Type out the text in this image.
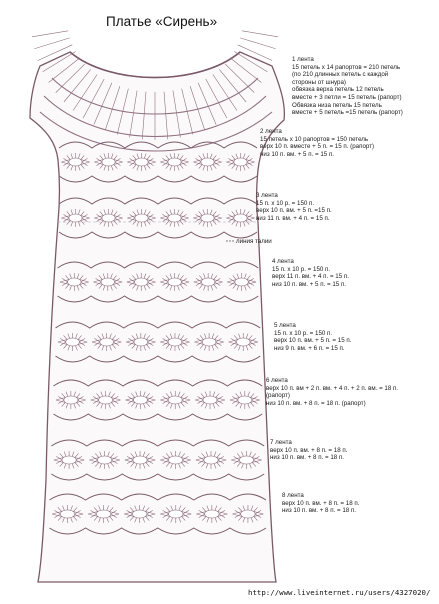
Платье «Сирень»
1 лента
15 петель х 14 рапортов = 210 петель
(по 210 длинных петель с каждой
стороны от шнура)
обвязка верха петель 12 петель
вместе + 3 петли = 15 петель (рапорт)
Обвязка низа петель 15 петель
вместе + 5 петель =15 петель (рапорт)
2 лента
15 петель х 10 рапортов = 150 петель
верх 10 п. вместе + 5 п. = 15 п. (рапорт)
низ 10 п. вм. + 5 п. = 15 п.
3 лента
15 п. х 10 р. = 150 п.
верх 10 п. вм. + 5 п. =15 п.
низ 11 п. вм. + 4 п. = 15 п.
линия талии
4 лента
15 п. х 10 р. = 150 п.
верх 11 п. вм. + 4 п. = 15 п.
низ 10 п. вм. + 5 п. = 15 п.
5 лента
15 п. х 10 р. = 150 п.
верх 10 п. вм. + 5 п. = 15 п.
низ 9 п. вм. + 6 п. = 15 п.
6 лента
верх 10 п. вм + 2 п. вм. + 4 п. + 2 п. вм. = 18 п.
(рапорт)
низ 10 п. вм. + 8 п. = 18 п. (рапорт)
7 лента
верх 10 п. вм. + 8 п. = 18 п.
низ 10 п. вм. + 8 п. = 18 п.
8 лента
верх 10 п. вм. + 8 п. = 18 п.
низ 10 п. вм. + 8 п. = 18 п.
http://www.liveinternet.ru/users/4327020/
